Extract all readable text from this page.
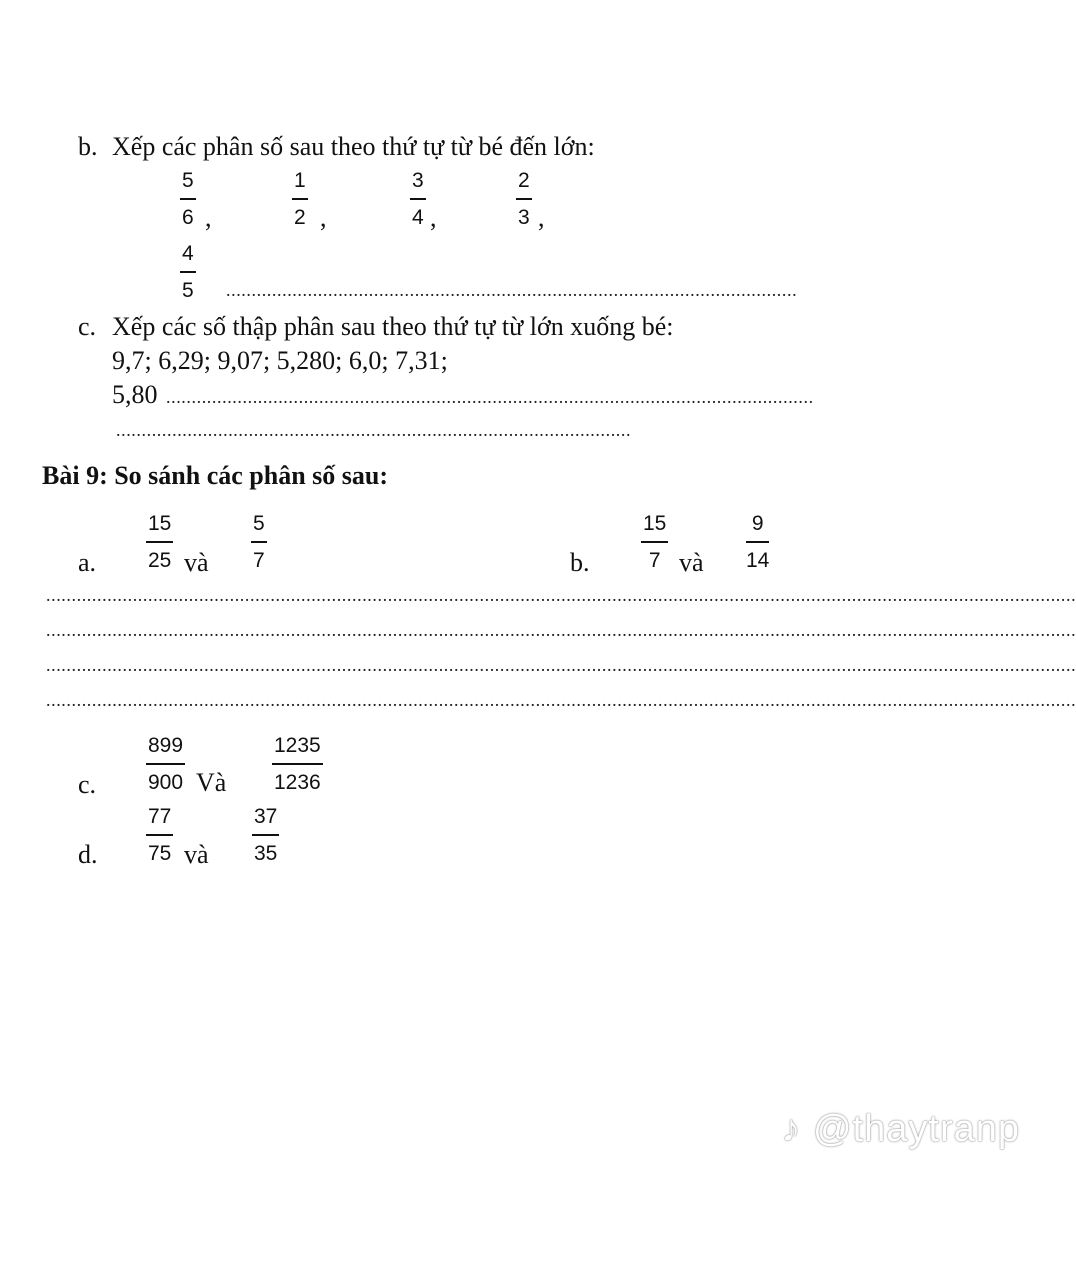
b. Xếp các phân số sau theo thứ tự từ bé đến lớn:
5
6 ,
1
2 ,
3
4 ,
2
3 ,
4
5 ................................................................................................................
c. Xếp các số thập phân sau theo thứ tự từ lớn xuống bé:
9,7; 6,29; 9,07; 5,280; 6,0; 7,31;
5,80 ...............................................................................................................................
.....................................................................................................
Bài 9: So sánh các phân số sau:
a.
15
25 và
5
7	b.
15
7 và
9
14
..........................................................................................................................................................................................................
..........................................................................................................................................................................................................
..........................................................................................................................................................................................................
..........................................................................................................................................................................................................
c.
899
900 Và
1235
1236
d.
77
75 và
37
35
♪ @thaytranp
